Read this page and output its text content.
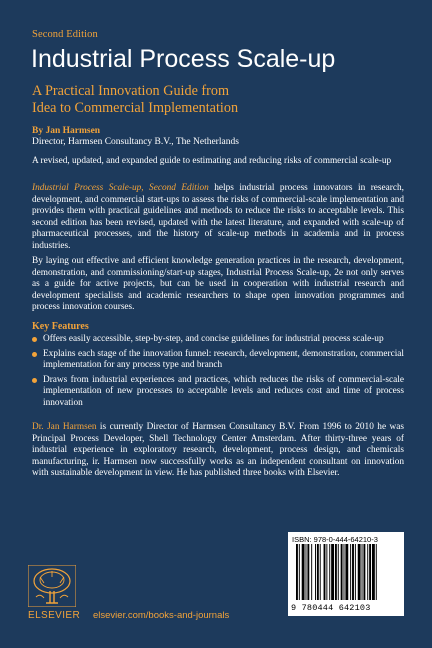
Second Edition
Industrial Process Scale-up
A Practical Innovation Guide from
Idea to Commercial Implementation
By Jan Harmsen
Director, Harmsen Consultancy B.V., The Netherlands
A revised, updated, and expanded guide to estimating and reducing risks of commercial scale-up
Industrial Process Scale-up, Second Edition helps industrial process innovators in research, development, and commercial start-ups to assess the risks of commercial-scale implementation and provides them with practical guidelines and methods to reduce the risks to acceptable levels. This second edition has been revised, updated with the latest literature, and expanded with scale-up of pharmaceutical processes, and the history of scale-up methods in academia and in process industries.
By laying out effective and efficient knowledge generation practices in the research, development, demonstration, and commissioning/start-up stages, Industrial Process Scale-up, 2e not only serves as a guide for active projects, but can be used in cooperation with industrial research and development specialists and academic researchers to shape open innovation programmes and process innovation courses.
Key Features
Offers easily accessible, step-by-step, and concise guidelines for industrial process scale-up
Explains each stage of the innovation funnel: research, development, demonstration, commercial implementation for any process type and branch
Draws from industrial experiences and practices, which reduces the risks of commercial-scale implementation of new processes to acceptable levels and reduces cost and time of process innovation
Dr. Jan Harmsen is currently Director of Harmsen Consultancy B.V. From 1996 to 2010 he was Principal Process Developer, Shell Technology Center Amsterdam. After thirty-three years of industrial experience in exploratory research, development, process design, and chemicals manufacturing, ir. Harmsen now successfully works as an independent consultant on innovation with sustainable development in view. He has published three books with Elsevier.
ELSEVIER	elsevier.com/books-and-journals
ISBN: 978-0-444-64210-3
9 780444 642103
